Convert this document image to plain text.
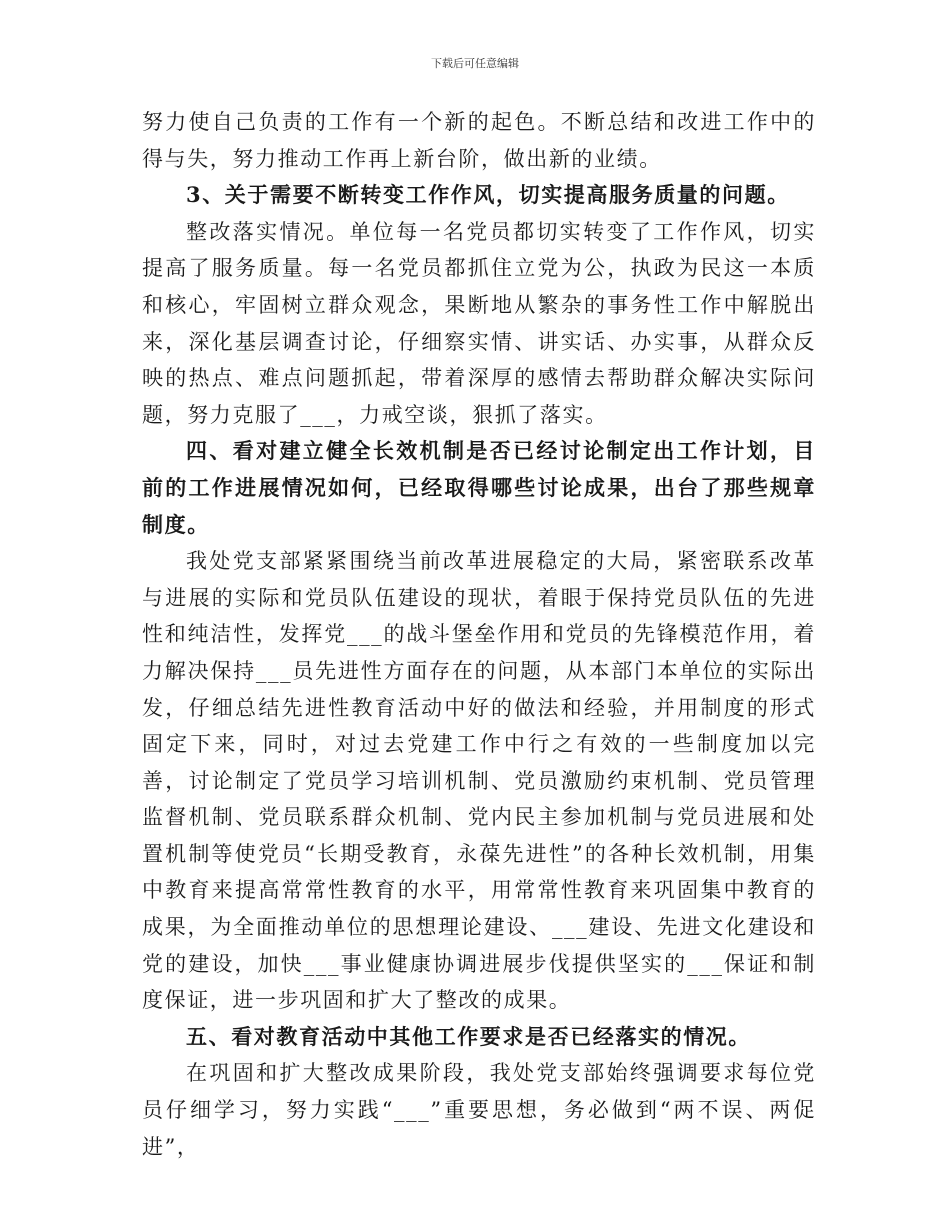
下载后可任意编辑

努力使自己负责的工作有一个新的起色。不断总结和改进工作中的得与失，努力推动工作再上新台阶，做出新的业绩。

3、关于需要不断转变工作作风，切实提高服务质量的问题。

整改落实情况。单位每一名党员都切实转变了工作作风，切实提高了服务质量。每一名党员都抓住立党为公，执政为民这一本质和核心，牢固树立群众观念，果断地从繁杂的事务性工作中解脱出来，深化基层调查讨论，仔细察实情、讲实话、办实事，从群众反映的热点、难点问题抓起，带着深厚的感情去帮助群众解决实际问题，努力克服了___，力戒空谈，狠抓了落实。

四、看对建立健全长效机制是否已经讨论制定出工作计划，目前的工作进展情况如何，已经取得哪些讨论成果，出台了那些规章制度。

我处党支部紧紧围绕当前改革进展稳定的大局，紧密联系改革与进展的实际和党员队伍建设的现状，着眼于保持党员队伍的先进性和纯洁性，发挥党___的战斗堡垒作用和党员的先锋模范作用，着力解决保持___员先进性方面存在的问题，从本部门本单位的实际出发，仔细总结先进性教育活动中好的做法和经验，并用制度的形式固定下来，同时，对过去党建工作中行之有效的一些制度加以完善，讨论制定了党员学习培训机制、党员激励约束机制、党员管理监督机制、党员联系群众机制、党内民主参加机制与党员进展和处置机制等使党员“长期受教育，永葆先进性”的各种长效机制，用集中教育来提高常常性教育的水平，用常常性教育来巩固集中教育的成果，为全面推动单位的思想理论建设、___建设、先进文化建设和党的建设，加快___事业健康协调进展步伐提供坚实的___保证和制度保证，进一步巩固和扩大了整改的成果。

五、看对教育活动中其他工作要求是否已经落实的情况。

在巩固和扩大整改成果阶段，我处党支部始终强调要求每位党员仔细学习，努力实践“___”重要思想，务必做到“两不误、两促进”，
